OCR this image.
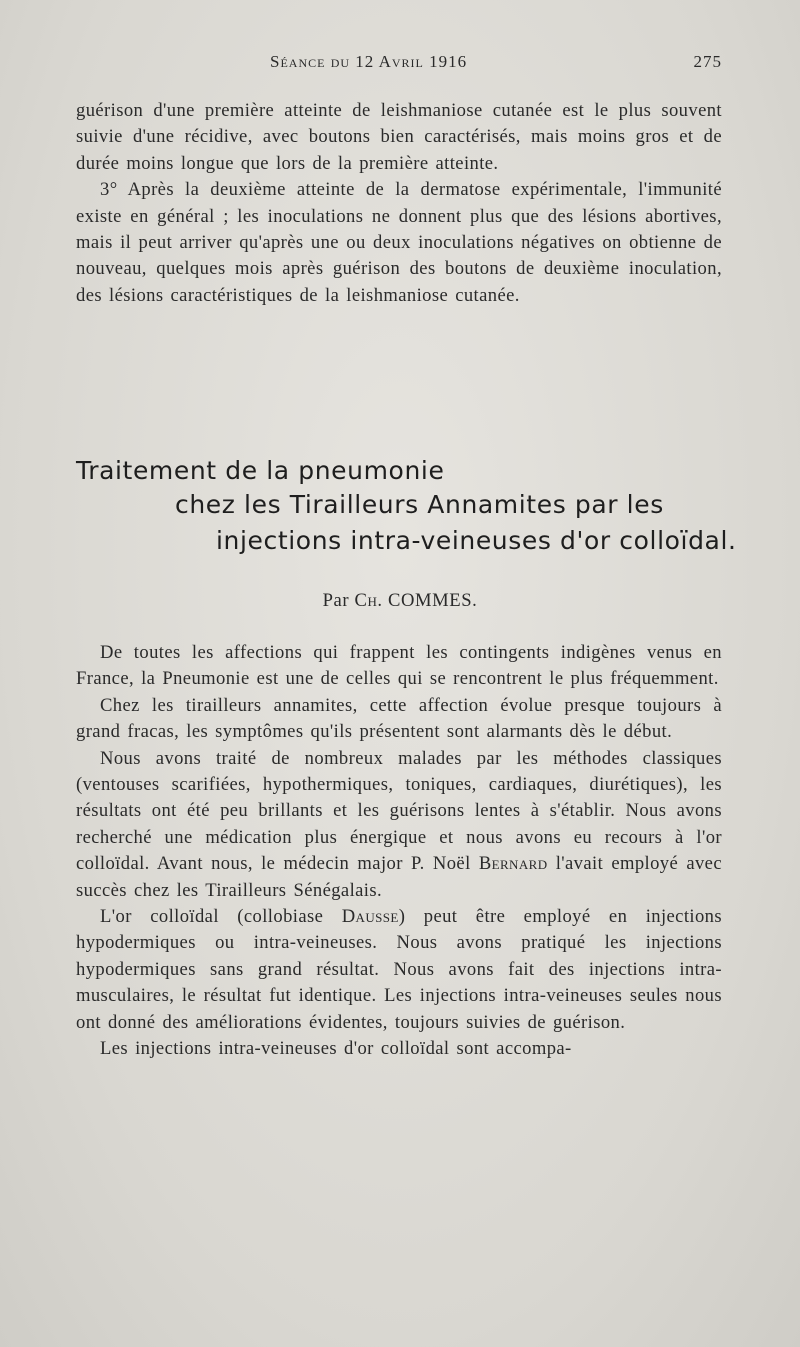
Séance du 12 Avril 1916	275

guérison d'une première atteinte de leishmaniose cutanée est le plus souvent suivie d'une récidive, avec boutons bien caractérisés, mais moins gros et de durée moins longue que lors de la première atteinte.

3° Après la deuxième atteinte de la dermatose expérimentale, l'immunité existe en général ; les inoculations ne donnent plus que des lésions abortives, mais il peut arriver qu'après une ou deux inoculations négatives on obtienne de nouveau, quelques mois après guérison des boutons de deuxième inoculation, des lésions caractéristiques de la leishmaniose cutanée.

Traitement de la pneumonie
chez les Tirailleurs Annamites par les
injections intra-veineuses d'or colloïdal.
Par Ch. COMMES.

De toutes les affections qui frappent les contingents indigènes venus en France, la Pneumonie est une de celles qui se rencontrent le plus fréquemment.

Chez les tirailleurs annamites, cette affection évolue presque toujours à grand fracas, les symptômes qu'ils présentent sont alarmants dès le début.

Nous avons traité de nombreux malades par les méthodes classiques (ventouses scarifiées, hypothermiques, toniques, cardiaques, diurétiques), les résultats ont été peu brillants et les guérisons lentes à s'établir. Nous avons recherché une médication plus énergique et nous avons eu recours à l'or colloïdal. Avant nous, le médecin major P. Noël Bernard l'avait employé avec succès chez les Tirailleurs Sénégalais.

L'or colloïdal (collobiase Dausse) peut être employé en injections hypodermiques ou intra-veineuses. Nous avons pratiqué les injections hypodermiques sans grand résultat. Nous avons fait des injections intra-musculaires, le résultat fut identique. Les injections intra-veineuses seules nous ont donné des améliorations évidentes, toujours suivies de guérison.

Les injections intra-veineuses d'or colloïdal sont accompa-
